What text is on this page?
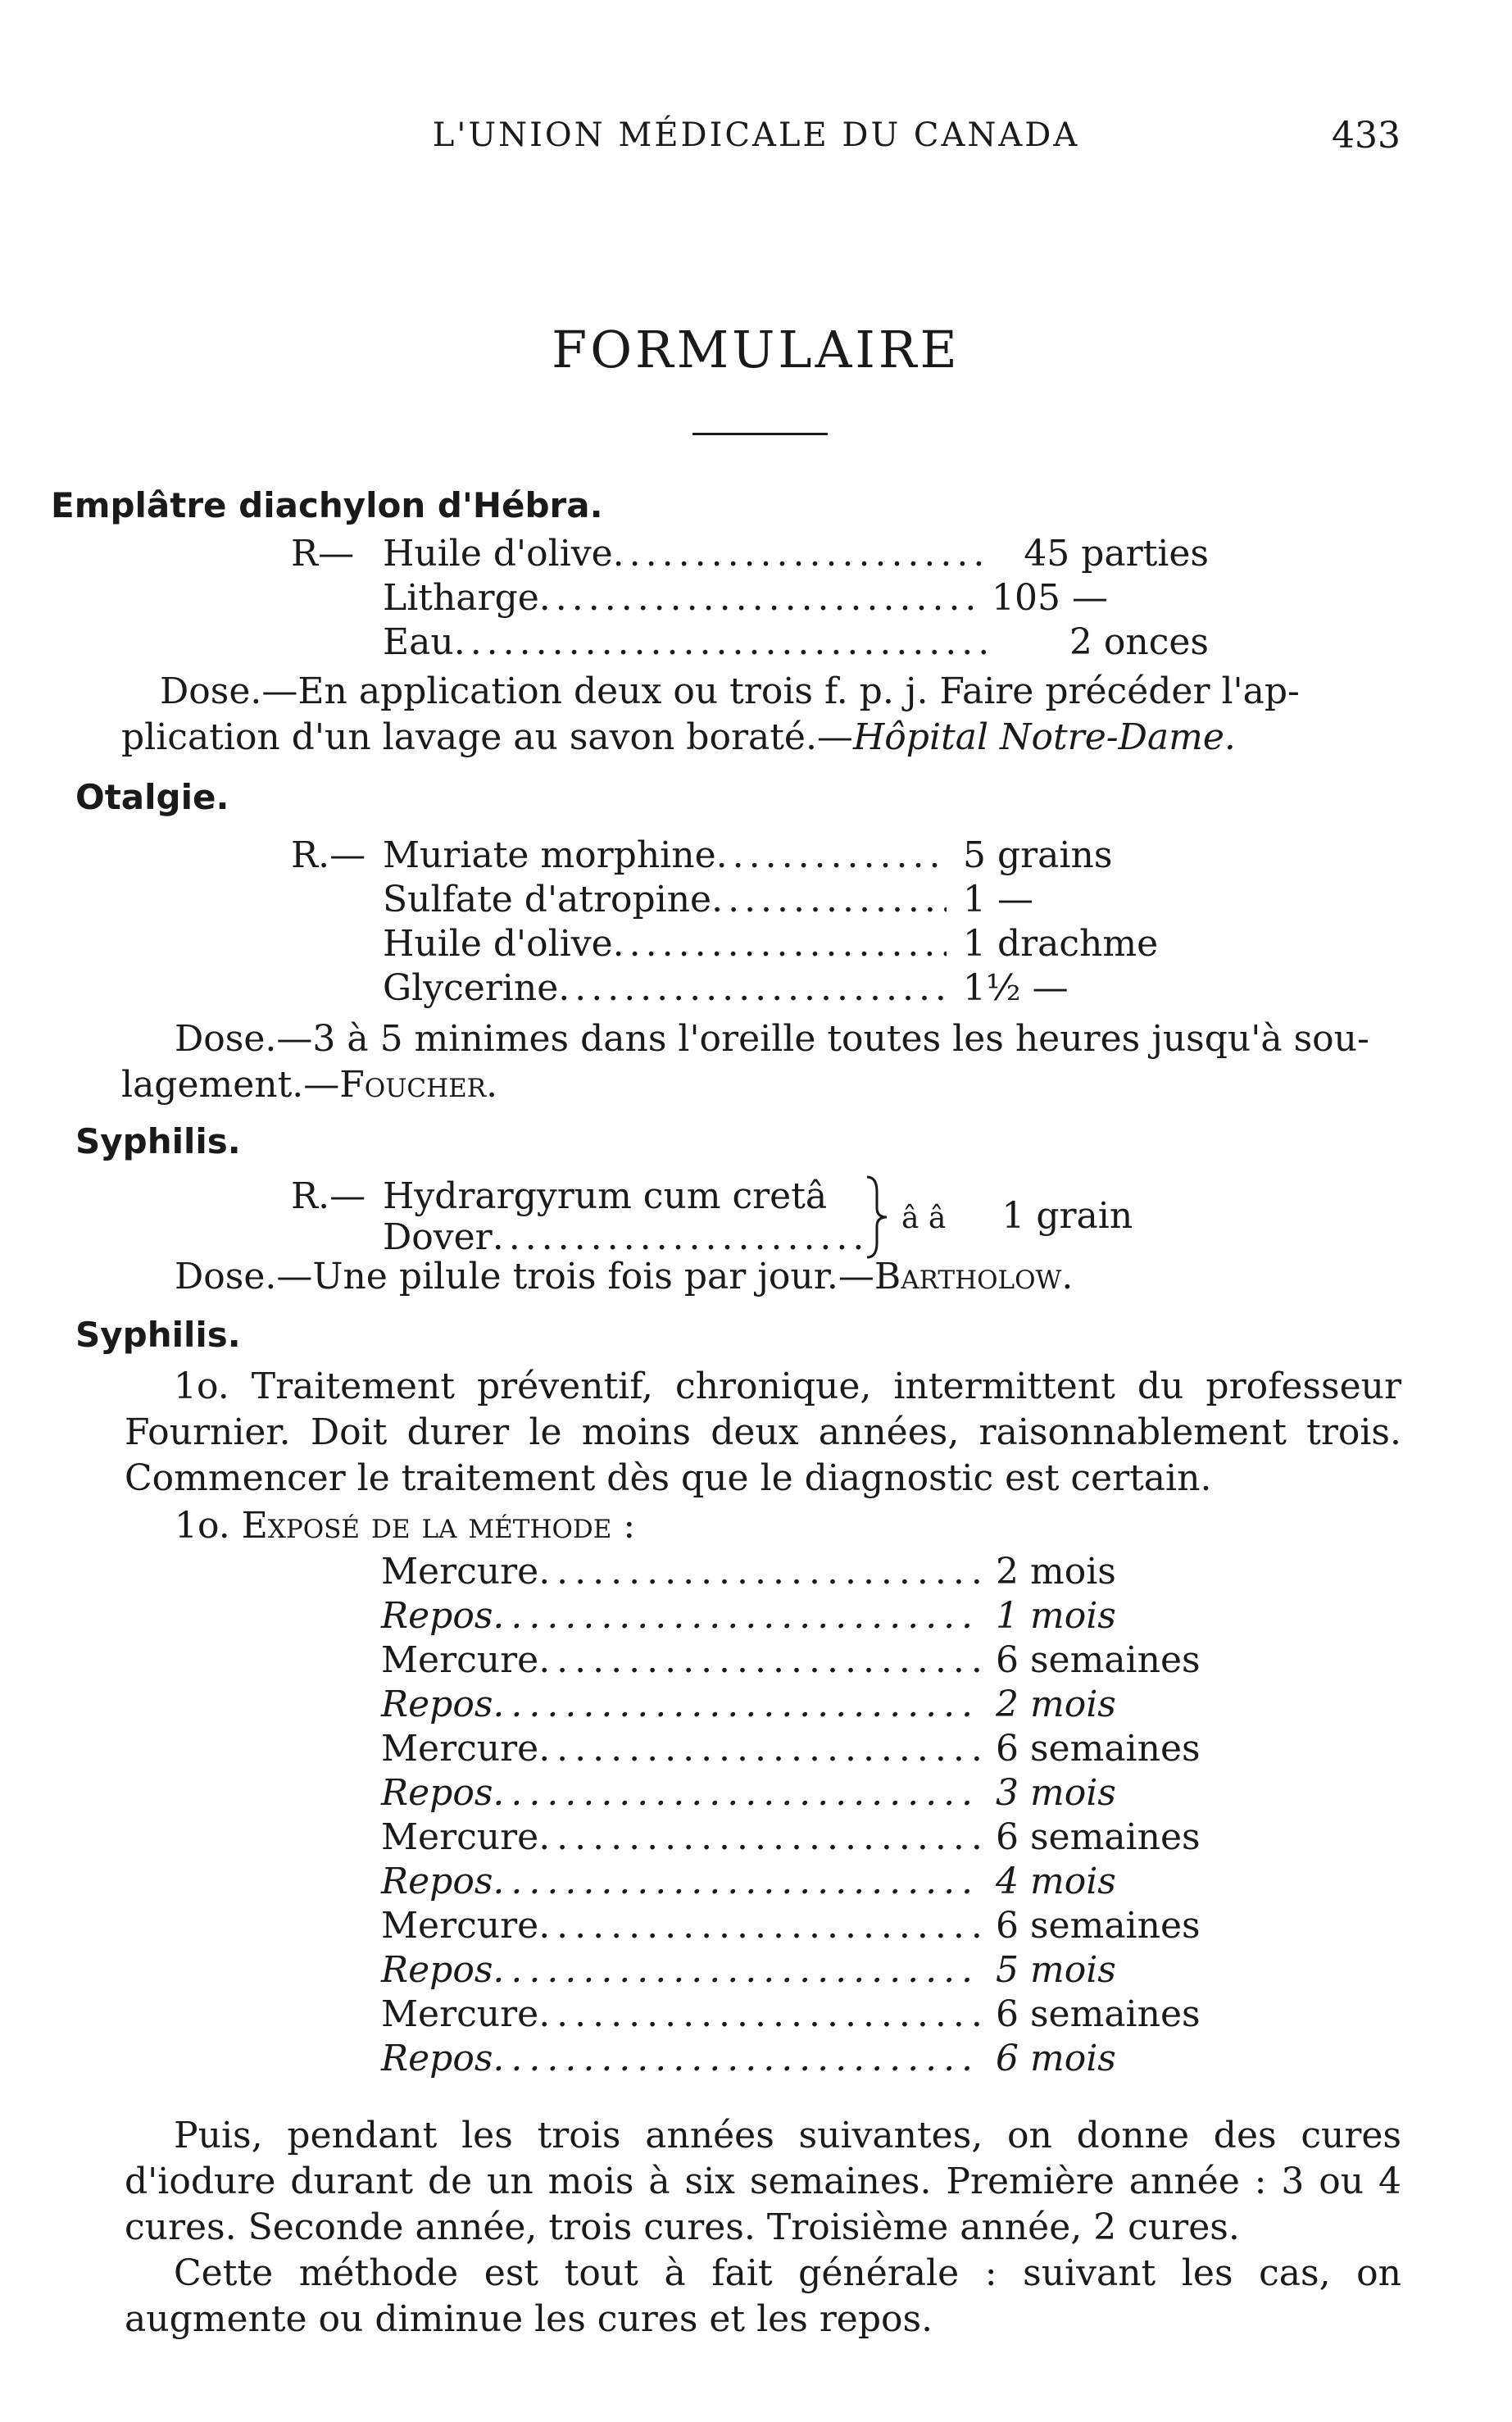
L'UNION MÉDICALE DU CANADA	433
FORMULAIRE
Emplâtre diachylon d'Hébra.
R— Huile d'olive .....	45 parties
Litharge .....	105 —
Eau .....	2 onces
Dose.—En application deux ou trois f. p. j. Faire précéder l'ap-
plication d'un lavage au savon boraté.—Hôpital Notre-Dame.
Otalgie.
R.— Muriate morphine .....	5 grains
Sulfate d'atropine .....	1 —
Huile d'olive .....	1 drachme
Glycerine .....	1½ —
Dose.—3 à 5 minimes dans l'oreille toutes les heures jusqu'à sou-
lagement.—Foucher.
Syphilis.
R.— Hydrargyrum cum cretâ
Dover .....	â â 1 grain
Dose.—Une pilule trois fois par jour.—Bartholow.
Syphilis.
1o. Traitement préventif, chronique, intermittent du professeur Fournier. Doit durer le moins deux années, raisonnablement trois. Commencer le traitement dès que le diagnostic est certain.
1o. Exposé de la méthode :
Mercure .....	2 mois
Repos .....	1 mois
Mercure .....	6 semaines
Repos .....	2 mois
Mercure .....	6 semaines
Repos .....	3 mois
Mercure .....	6 semaines
Repos .....	4 mois
Mercure .....	6 semaines
Repos .....	5 mois
Mercure .....	6 semaines
Repos .....	6 mois
Puis, pendant les trois années suivantes, on donne des cures d'iodure durant de un mois à six semaines. Première année : 3 ou 4 cures. Seconde année, trois cures. Troisième année, 2 cures.
Cette méthode est tout à fait générale : suivant les cas, on augmente ou diminue les cures et les repos.
